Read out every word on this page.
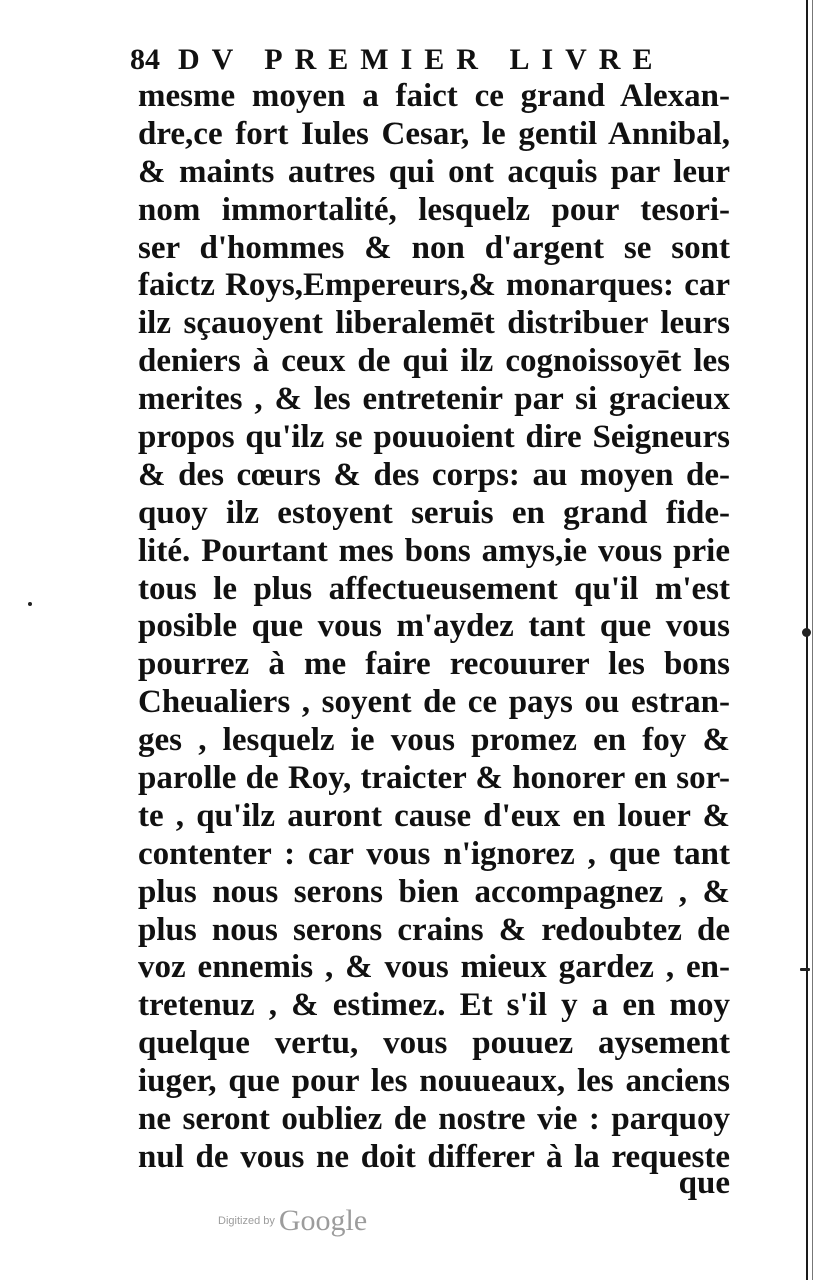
84 DV PREMIER LIVRE
mesme moyen a faict ce grand Alexan-
dre,ce fort Iules Cesar, le gentil Annibal,
& maints autres qui ont acquis par leur
nom immortalité, lesquelz pour tesori-
ser d'hommes & non d'argent se sont
faictz Roys,Empereurs,& monarques: car
ilz sçauoyent liberalemēt distribuer leurs
deniers à ceux de qui ilz cognoissoyēt les
merites , & les entretenir par si gracieux
propos qu'ilz se pouuoient dire Seigneurs
& des cœurs & des corps: au moyen de-
quoy ilz estoyent seruis en grand fide-
lité. Pourtant mes bons amys,ie vous prie
tous le plus affectueusement qu'il m'est
posible que vous m'aydez tant que vous
pourrez à me faire recouurer les bons
Cheualiers , soyent de ce pays ou estran-
ges , lesquelz ie vous promez en foy &
parolle de Roy, traicter & honorer en sor-
te , qu'ilz auront cause d'eux en louer &
contenter : car vous n'ignorez , que tant
plus nous serons bien accompagnez , &
plus nous serons crains & redoubtez de
voz ennemis , & vous mieux gardez , en-
tretenuz , & estimez. Et s'il y a en moy
quelque vertu, vous pouuez aysement
iuger, que pour les nouueaux, les anciens
ne seront oubliez de nostre vie : parquoy
nul de vous ne doit differer à la requeste
que
Digitized by Google
